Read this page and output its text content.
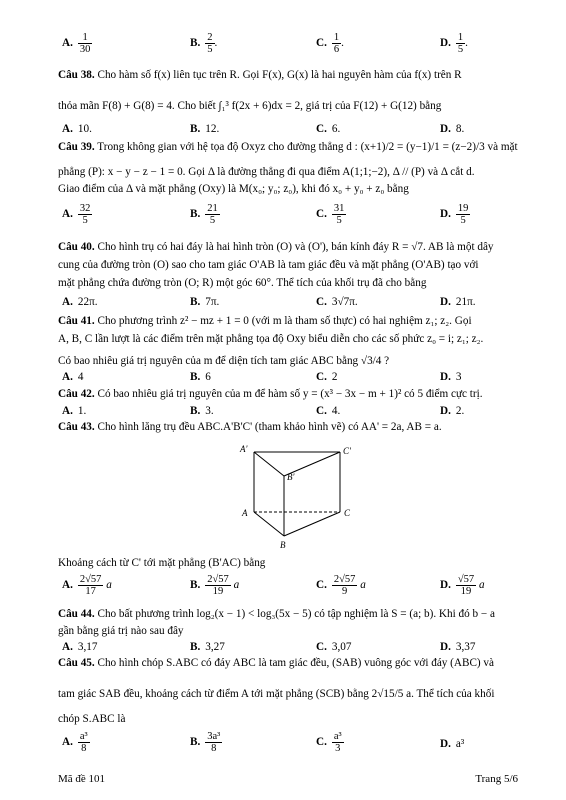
A. $\frac{1}{30}$	B. $\frac{2}{5}$ .	C. $\frac{1}{6}$ .	D. $\frac{1}{5}$ .
Câu 38. Cho hàm số f(x) liên tục trên R. Gọi F(x), G(x) là hai nguyên hàm của f(x) trên R
thỏa mãn F(8) + G(8) = 4. Cho biết ∫₁³ f(2x + 6)dx = 2, giá trị của F(12) + G(12) bằng
A. 10.	B. 12.	C. 6.	D. 8.
Câu 39. Trong không gian với hệ tọa độ Oxyz cho đường thẳng d : (x+1)/2 = (y−1)/1 = (z−2)/3 và mặt
phẳng (P): x − y − z − 1 = 0. Gọi Δ là đường thẳng đi qua điểm A(1;1;−2), Δ // (P) và Δ cắt d.
Giao điểm của Δ và mặt phẳng (Oxy) là M(x₀; y₀; z₀), khi đó x₀ + y₀ + z₀ bằng
A. $\frac{32}{5}$	B. $\frac{21}{5}$	C. $\frac{31}{5}$	D. $\frac{19}{5}$
Câu 40. Cho hình trụ có hai đáy là hai hình tròn (O) và (O'), bán kính đáy R = √7. AB là một dây
cung của đường tròn (O) sao cho tam giác O'AB là tam giác đều và mặt phẳng (O'AB) tạo với
mặt phẳng chứa đường tròn (O; R) một góc 60°. Thể tích của khối trụ đã cho bằng
A. 22π.	B. 7π.	C. 3√7π.	D. 21π.
Câu 41. Cho phương trình z² − mz + 1 = 0 (với m là tham số thực) có hai nghiệm z₁; z₂. Gọi
A, B, C lần lượt là các điểm trên mặt phẳng tọa độ Oxy biểu diễn cho các số phức z₀ = i; z₁; z₂.
Có bao nhiêu giá trị nguyên của m để diện tích tam giác ABC bằng √3/4 ?
A. 4	B. 6	C. 2	D. 3
Câu 42. Có bao nhiêu giá trị nguyên của m để hàm số y = (x³ − 3x − m + 1)² có 5 điểm cực trị.
A. 1.	B. 3.	C. 4.	D. 2.
Câu 43. Cho hình lăng trụ đều ABC.A'B'C' (tham khảo hình vẽ) có AA' = 2a, AB = a.
A'	C'
B'
A	C
B
Khoảng cách từ C' tới mặt phẳng (B'AC) bằng
A. $\frac{2√57}{17}$ a	B. $\frac{2√57}{19}$ a	C. $\frac{2√57}{9}$ a	D. $\frac{√57}{19}$ a
Câu 44. Cho bất phương trình log₂(x − 1) < log₃(5x − 5) có tập nghiệm là S = (a; b). Khi đó b − a
gần bằng giá trị nào sau đây
A. 3,17	B. 3,27	C. 3,07	D. 3,37
Câu 45. Cho hình chóp S.ABC có đáy ABC là tam giác đều, (SAB) vuông góc với đáy (ABC) và
tam giác SAB đều, khoảng cách từ điểm A tới mặt phẳng (SCB) bằng 2√15/5 a. Thể tích của khối
chóp S.ABC là
A. $\frac{\text{a³}}{8}$	B. $\frac{\text{3a³}}{8}$	C. $\frac{\text{a³}}{3}$	D. a³
Mã đề 101	Trang 5/6
